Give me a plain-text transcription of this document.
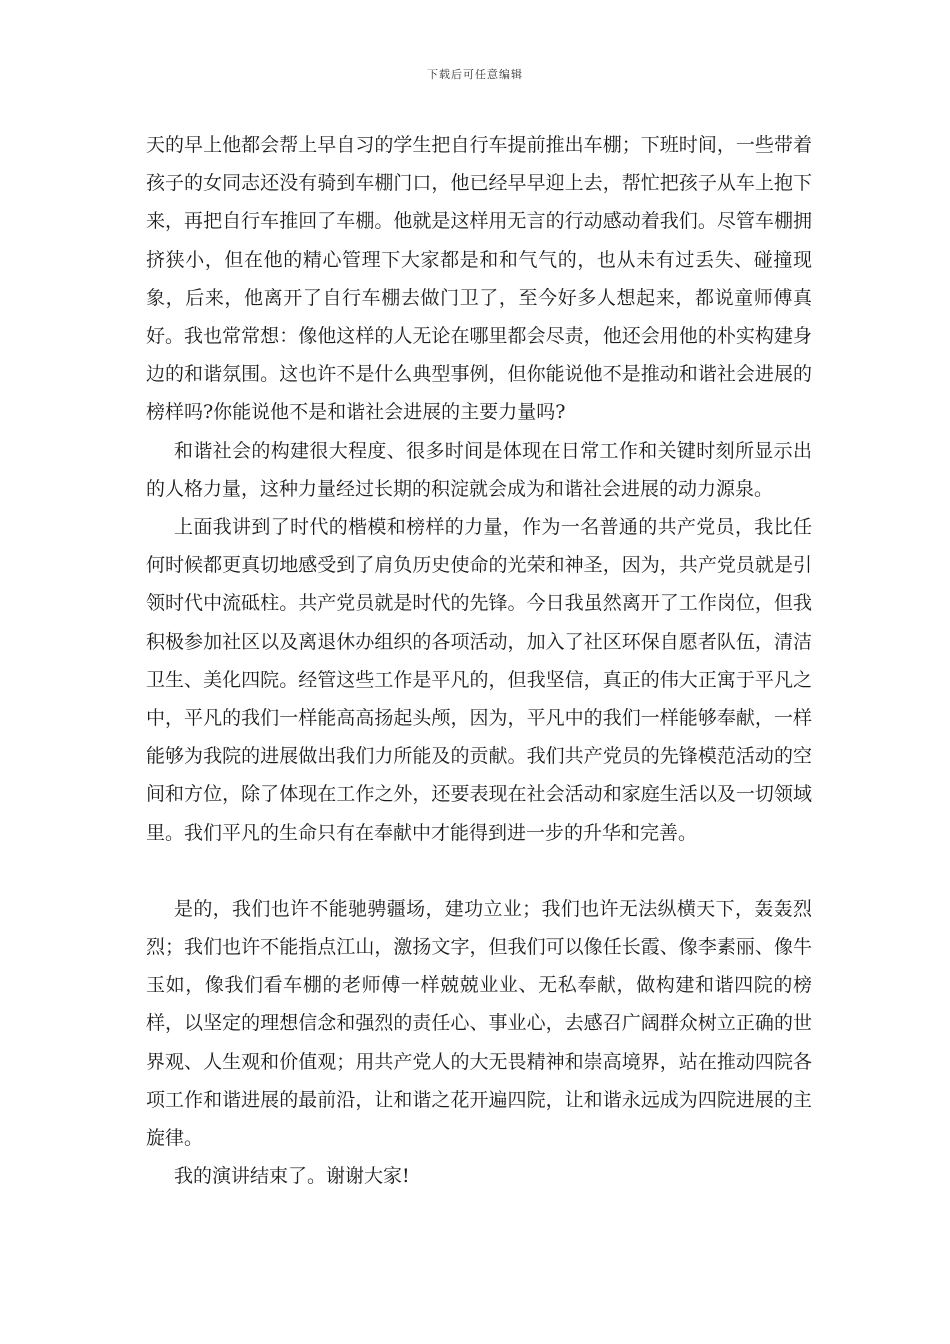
下载后可任意编辑

天的早上他都会帮上早自习的学生把自行车提前推出车棚；下班时间，一些带着孩子的女同志还没有骑到车棚门口，他已经早早迎上去，帮忙把孩子从车上抱下来，再把自行车推回了车棚。他就是这样用无言的行动感动着我们。尽管车棚拥挤狭小，但在他的精心管理下大家都是和和气气的，也从未有过丢失、碰撞现象，后来，他离开了自行车棚去做门卫了，至今好多人想起来，都说童师傅真好。我也常常想：像他这样的人无论在哪里都会尽责，他还会用他的朴实构建身边的和谐氛围。这也许不是什么典型事例，但你能说他不是推动和谐社会进展的榜样吗?你能说他不是和谐社会进展的主要力量吗?

和谐社会的构建很大程度、很多时间是体现在日常工作和关键时刻所显示出的人格力量，这种力量经过长期的积淀就会成为和谐社会进展的动力源泉。

上面我讲到了时代的楷模和榜样的力量，作为一名普通的共产党员，我比任何时候都更真切地感受到了肩负历史使命的光荣和神圣，因为，共产党员就是引领时代中流砥柱。共产党员就是时代的先锋。今日我虽然离开了工作岗位，但我积极参加社区以及离退休办组织的各项活动，加入了社区环保自愿者队伍，清洁卫生、美化四院。经管这些工作是平凡的，但我坚信，真正的伟大正寓于平凡之中，平凡的我们一样能高高扬起头颅，因为，平凡中的我们一样能够奉献，一样能够为我院的进展做出我们力所能及的贡献。我们共产党员的先锋模范活动的空间和方位，除了体现在工作之外，还要表现在社会活动和家庭生活以及一切领域里。我们平凡的生命只有在奉献中才能得到进一步的升华和完善。

是的，我们也许不能驰骋疆场，建功立业；我们也许无法纵横天下，轰轰烈烈；我们也许不能指点江山，激扬文字，但我们可以像任长霞、像李素丽、像牛玉如，像我们看车棚的老师傅一样兢兢业业、无私奉献，做构建和谐四院的榜样，以坚定的理想信念和强烈的责任心、事业心，去感召广阔群众树立正确的世界观、人生观和价值观；用共产党人的大无畏精神和崇高境界，站在推动四院各项工作和谐进展的最前沿，让和谐之花开遍四院，让和谐永远成为四院进展的主旋律。

我的演讲结束了。谢谢大家!
